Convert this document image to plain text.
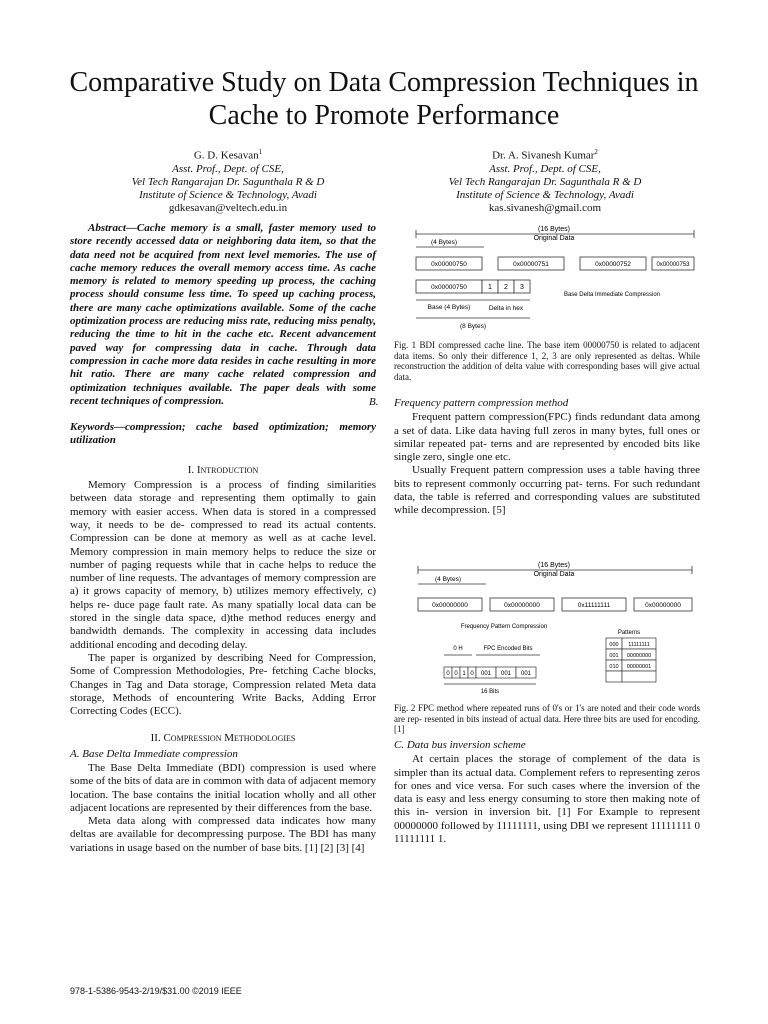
Comparative Study on Data Compression Techniques in Cache to Promote Performance
G. D. Kesavan$^1$
Asst. Prof., Dept. of CSE,
Vel Tech Rangarajan Dr. Sagunthala R & D
Institute of Science & Technology, Avadi
gdkesavan@veltech.edu.in
Dr. A. Sivanesh Kumar$^2$
Asst. Prof., Dept. of CSE,
Vel Tech Rangarajan Dr. Sagunthala R & D
Institute of Science & Technology, Avadi
kas.sivanesh@gmail.com

Abstract—Cache memory is a small, faster memory used to store recently accessed data or neighboring data item, so that the data need not be acquired from next level memories. The use of cache memory reduces the overall memory access time. As cache memory is related to memory speeding up process, the caching process should consume less time. To speed up caching process, there are many cache optimizations available. Some of the cache optimization process are reducing miss rate, reducing miss penalty, reducing the time to hit in the cache etc. Recent advancement paved way for compressing data in cache. Through data compression in cache more data resides in cache resulting in more hit ratio. There are many cache related compression and optimization techniques available. The paper deals with some recent techniques of compression.

Keywords—compression; cache based optimization; memory utilization

I. Introduction

Memory Compression is a process of finding similarities between data storage and representing them optimally to gain memory with easier access. When data is stored in a compressed way, it needs to be de- compressed to read its actual contents. Compression can be done at memory as well as at cache level. Memory compression in main memory helps to reduce the size or number of paging requests while that in cache helps to reduce the number of line requests. The advantages of memory compression are a) it grows capacity of memory, b) utilizes memory effectively, c) helps re- duce page fault rate. As many spatially local data can be stored in the single data space, d)the method reduces energy and bandwidth demands. The complexity in accessing data includes additional encoding and decoding delay.

The paper is organized by describing Need for Compression, Some of Compression Methodologies, Pre- fetching Cache blocks, Changes in Tag and Data storage, Compression related Meta data storage, Methods of encountering Write Backs, Adding Error Correcting Codes (ECC).

II. Compression Methodologies
A. Base Delta Immediate compression

The Base Delta Immediate (BDI) compression is used where some of the bits of data are in common with data of adjacent memory location. The base contains the initial location wholly and all other adjacent locations are represented by their differences from the base.

Meta data along with compressed data indicates how many deltas are available for decompressing purpose. The BDI has many variations in usage based on the number of base bits. [1] [2] [3] [4]

B.
(16 Bytes)
Original Data
(4 Bytes)
0x00000750	0x00000751	0x00000752	0x00000753
0x00000750	1 2 3
Base Delta Immediate Compression
Base (4 Bytes)	Delta in hex
(8 Bytes)
Fig. 1 BDI compressed cache line. The base item 00000750 is related to adjacent data items. So only their difference 1, 2, 3 are only represented as deltas. While reconstruction the addition of delta value with corresponding bases will give actual data.
Frequency pattern compression method

Frequent pattern compression(FPC) finds redundant data among a set of data. Like data having full zeros in many bytes, full ones or similar repeated pat- terns and are represented by encoded bits like single zero, single one etc.

Usually Frequent pattern compression uses a table having three bits to represent commonly occurring pat- terns. For such redundant data, the table is referred and corresponding values are substituted while decompression. [5]

(16 Bytes)
Original Data
(4 Bytes)
0x00000000	0x00000000	0x11111111	0x00000000
Frequency Pattern Compression
Patterns
000 11111111
001 00000000
010 00000001
0 H	FPC Encoded Bits
0 0 1 0 001 001 001
16 Bits
Fig. 2 FPC method where repeated runs of 0's or 1's are noted and their code words are rep- resented in bits instead of actual data. Here three bits are used for encoding. [1]
C. Data bus inversion scheme

At certain places the storage of complement of the data is simpler than its actual data. Complement refers to representing zeros for ones and vice versa. For such cases where the inversion of the data is easy and less energy consuming to store then making note of this in- version in inversion bit. [1] For Example to represent 00000000 followed by 11111111, using DBI we represent 11111111 0 11111111 1.

978-1-5386-9543-2/19/$31.00 ©2019 IEEE
